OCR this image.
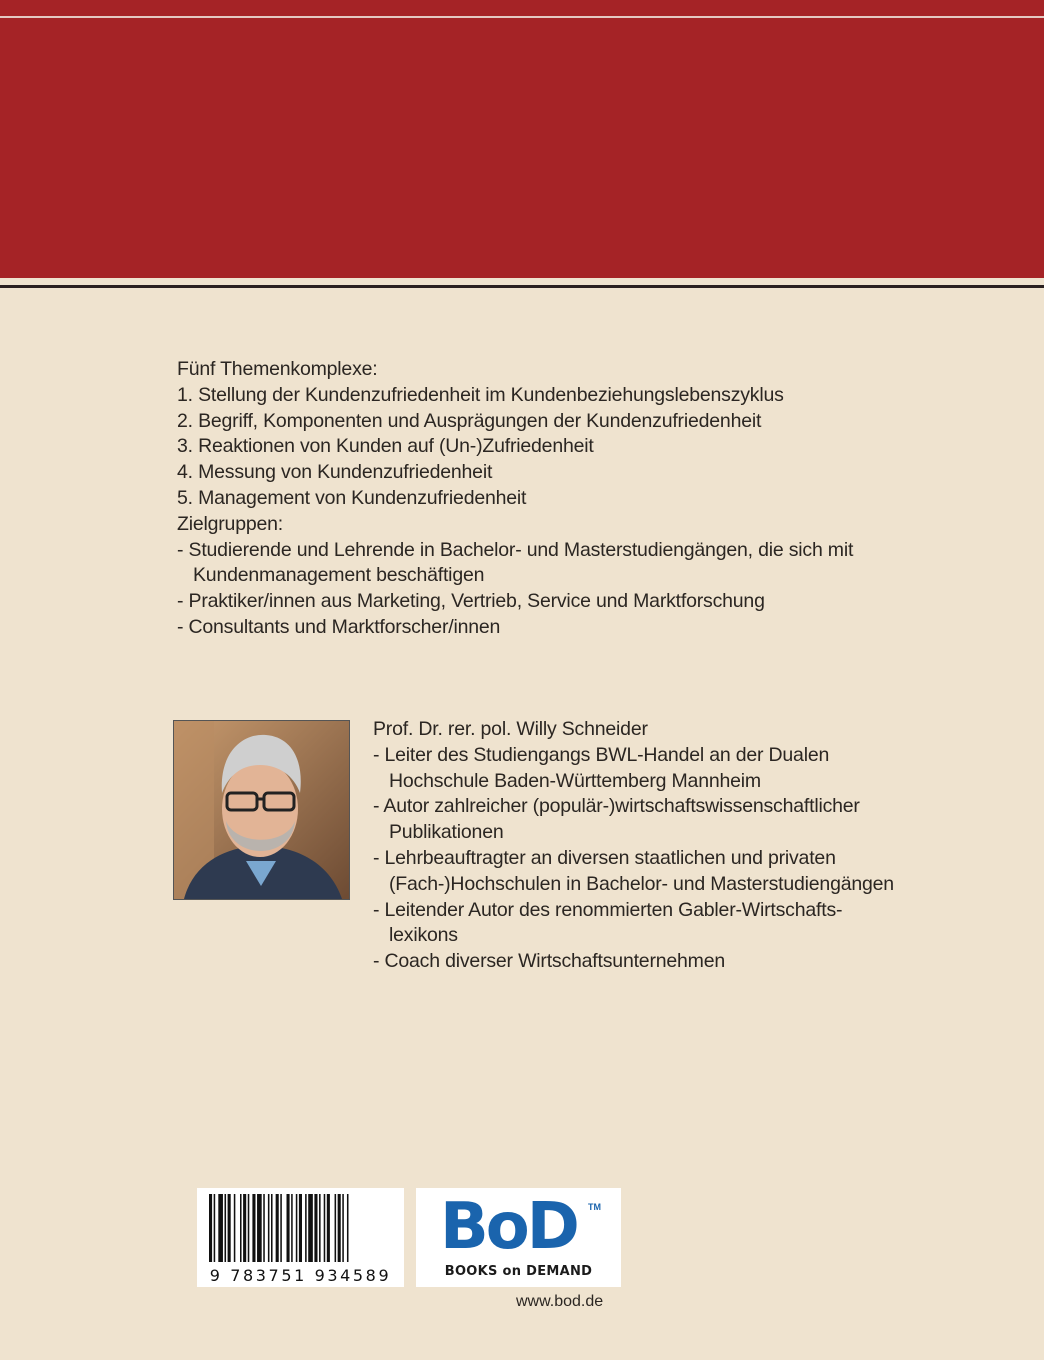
Fünf Themenkomplexe:
1. Stellung der Kundenzufriedenheit im Kundenbeziehungslebenszyklus
2. Begriff, Komponenten und Ausprägungen der Kundenzufriedenheit
3. Reaktionen von Kunden auf (Un-)Zufriedenheit
4. Messung von Kundenzufriedenheit
5. Management von Kundenzufriedenheit
Zielgruppen:
- Studierende und Lehrende in Bachelor- und Masterstudiengängen, die sich mit
Kundenmanagement beschäftigen
- Praktiker/innen aus Marketing, Vertrieb, Service und Marktforschung
- Consultants und Marktforscher/innen
Prof. Dr. rer. pol. Willy Schneider
- Leiter des Studiengangs BWL-Handel an der Dualen
Hochschule Baden-Württemberg Mannheim
- Autor zahlreicher (populär-)wirtschaftswissenschaftlicher
Publikationen
- Lehrbeauftragter an diversen staatlichen und privaten
(Fach-)Hochschulen in Bachelor- und Masterstudiengängen
- Leitender Autor des renommierten Gabler-Wirtschafts-
lexikons
- Coach diverser Wirtschaftsunternehmen
9 783751 934589
BoD TM
BOOKS on DEMAND
www.bod.de
